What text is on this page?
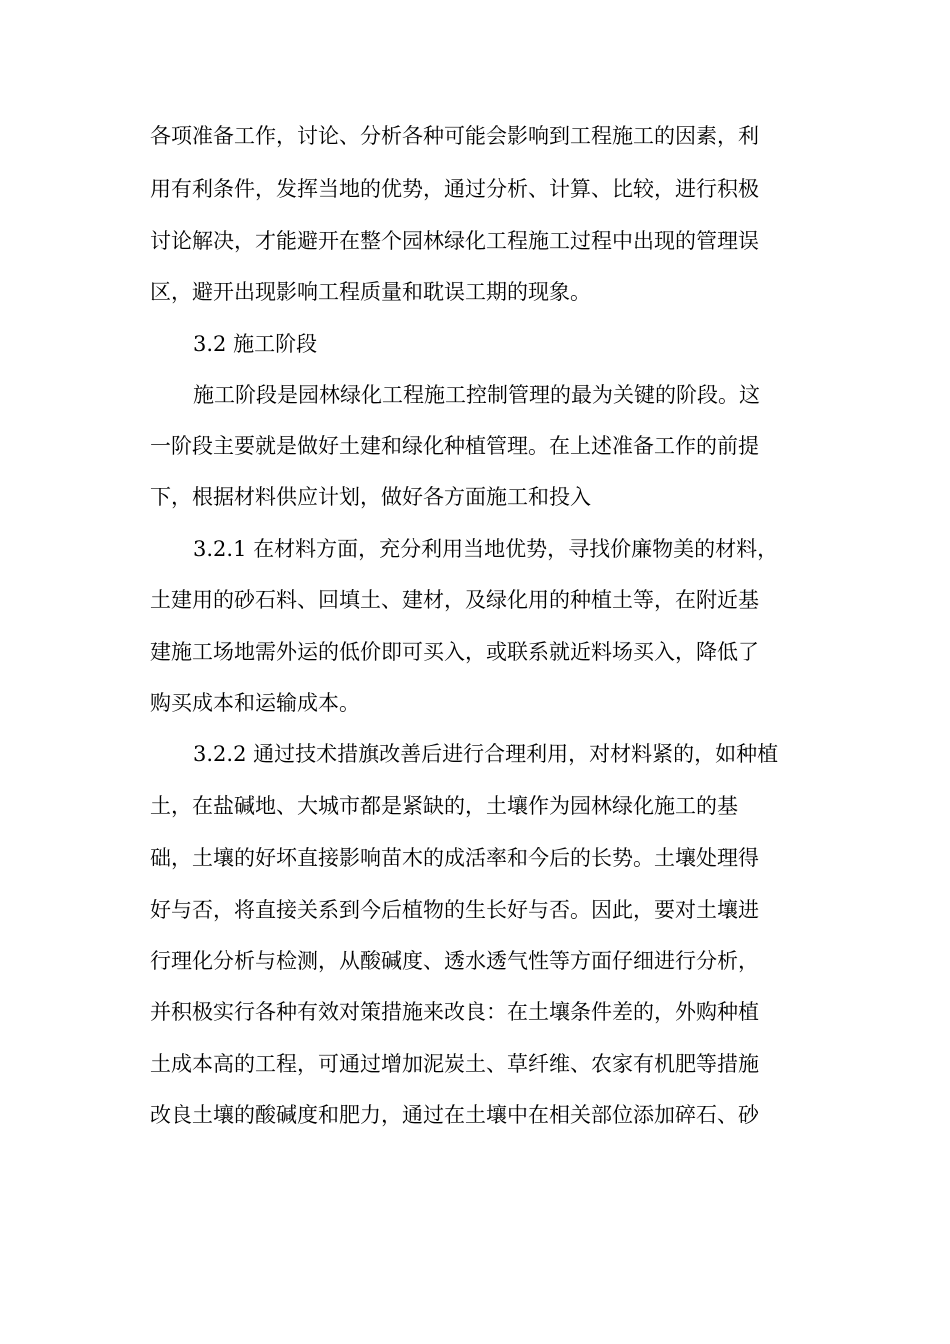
各项准备工作，讨论、分析各种可能会影响到工程施工的因素，利
用有利条件，发挥当地的优势，通过分析、计算、比较，进行积极
讨论解决，才能避开在整个园林绿化工程施工过程中出现的管理误
区，避开出现影响工程质量和耽误工期的现象。
3.2 施工阶段
施工阶段是园林绿化工程施工控制管理的最为关键的阶段。这
一阶段主要就是做好土建和绿化种植管理。在上述准备工作的前提
下，根据材料供应计划，做好各方面施工和投入
3.2.1 在材料方面，充分利用当地优势，寻找价廉物美的材料，
土建用的砂石料、回填土、建材，及绿化用的种植土等，在附近基
建施工场地需外运的低价即可买入，或联系就近料场买入，降低了
购买成本和运输成本。
3.2.2 通过技术措旗改善后进行合理利用，对材料紧的，如种植
土，在盐碱地、大城市都是紧缺的，土壤作为园林绿化施工的基
础，土壤的好坏直接影响苗木的成活率和今后的长势。土壤处理得
好与否，将直接关系到今后植物的生长好与否。因此，要对土壤进
行理化分析与检测，从酸碱度、透水透气性等方面仔细进行分析，
并积极实行各种有效对策措施来改良：在土壤条件差的，外购种植
土成本高的工程，可通过增加泥炭土、草纤维、农家有机肥等措施
改良土壤的酸碱度和肥力，通过在土壤中在相关部位添加碎石、砂
